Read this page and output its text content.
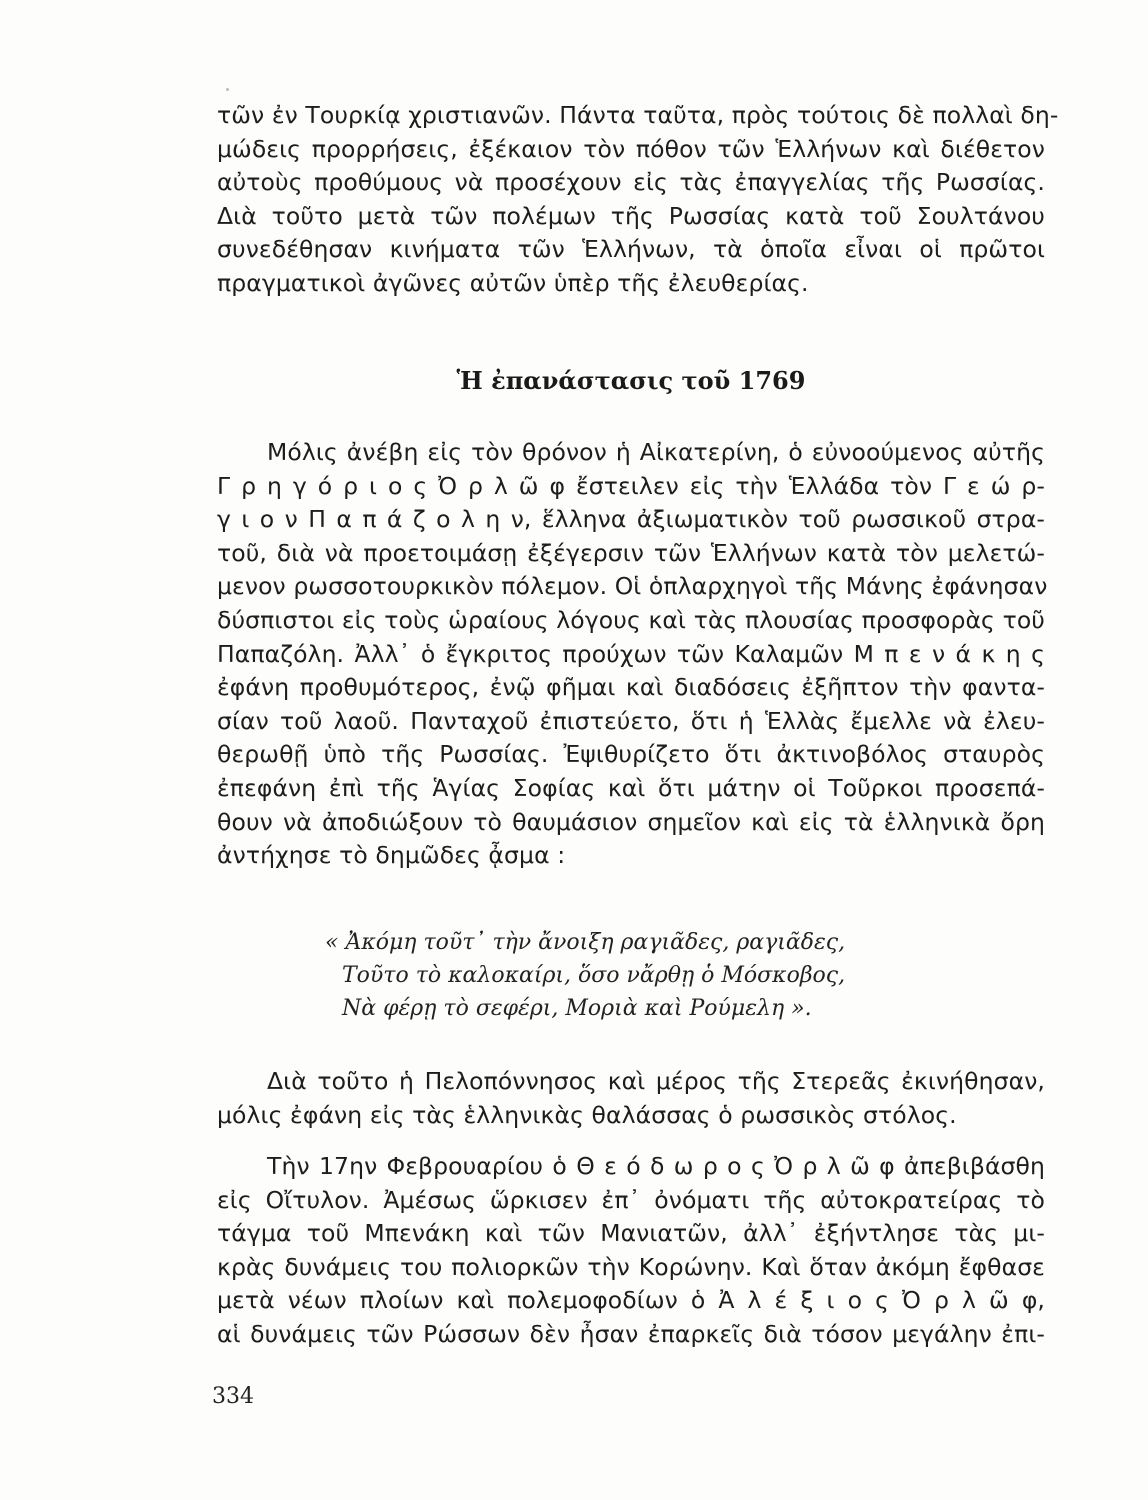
τῶν ἐν Τουρκίᾳ χριστιανῶν. Πάντα ταῦτα, πρὸς τούτοις δὲ πολλαὶ δη-
μώδεις προρρήσεις, ἐξέκαιον τὸν πόθον τῶν Ἑλλήνων καὶ διέθετον
αὐτοὺς προθύμους νὰ προσέχουν εἰς τὰς ἐπαγγελίας τῆς Ρωσσίας.
Διὰ τοῦτο μετὰ τῶν πολέμων τῆς Ρωσσίας κατὰ τοῦ Σουλτάνου
συνεδέθησαν κινήματα τῶν Ἑλλήνων, τὰ ὁποῖα εἶναι οἱ πρῶτοι
πραγματικοὶ ἀγῶνες αὐτῶν ὑπὲρ τῆς ἐλευθερίας.
Ἡ ἐπανάστασις τοῦ 1769
Μόλις ἀνέβη εἰς τὸν θρόνον ἡ Αἰκατερίνη, ὁ εὐνοούμενος αὐτῆς
Γ ρ η γ ό ρ ι ο ς Ὀ ρ λ ῶ φ ἔστειλεν εἰς τὴν Ἑλλάδα τὸν Γ ε ώ ρ-
γ ι ο ν Π α π ά ζ ο λ η ν, ἕλληνα ἀξιωματικὸν τοῦ ρωσσικοῦ στρα-
τοῦ, διὰ νὰ προετοιμάσῃ ἐξέγερσιν τῶν Ἑλλήνων κατὰ τὸν μελετώ-
μενον ρωσσοτουρκικὸν πόλεμον. Οἱ ὁπλαρχηγοὶ τῆς Μάνης ἐφάνησαν
δύσπιστοι εἰς τοὺς ὡραίους λόγους καὶ τὰς πλουσίας προσφορὰς τοῦ
Παπαζόλη. Ἀλλ᾽ ὁ ἔγκριτος προύχων τῶν Καλαμῶν Μ π ε ν ά κ η ς
ἐφάνη προθυμότερος, ἐνῷ φῆμαι καὶ διαδόσεις ἐξῆπτον τὴν φαντα-
σίαν τοῦ λαοῦ. Πανταχοῦ ἐπιστεύετο, ὅτι ἡ Ἑλλὰς ἔμελλε νὰ ἐλευ-
θερωθῇ ὑπὸ τῆς Ρωσσίας. Ἐψιθυρίζετο ὅτι ἀκτινοβόλος σταυρὸς
ἐπεφάνη ἐπὶ τῆς Ἁγίας Σοφίας καὶ ὅτι μάτην οἱ Τοῦρκοι προσεπά-
θουν νὰ ἀποδιώξουν τὸ θαυμάσιον σημεῖον καὶ εἰς τὰ ἑλληνικὰ ὄρη
ἀντήχησε τὸ δημῶδες ᾆσμα :
« Ἀκόμη τοῦτ᾽ τὴν ἄνοιξη ραγιᾶδες, ραγιᾶδες,
Τοῦτο τὸ καλοκαίρι, ὅσο νἄρθῃ ὁ Μόσκοβος,
Νὰ φέρῃ τὸ σεφέρι, Μοριὰ καὶ Ρούμελη ».
Διὰ τοῦτο ἡ Πελοπόννησος καὶ μέρος τῆς Στερεᾶς ἐκινήθησαν,
μόλις ἐφάνη εἰς τὰς ἑλληνικὰς θαλάσσας ὁ ρωσσικὸς στόλος.
Τὴν 17ην Φεβρουαρίου ὁ Θ ε ό δ ω ρ ο ς Ὀ ρ λ ῶ φ ἀπεβιβάσθη
εἰς Οἴτυλον. Ἀμέσως ὥρκισεν ἐπ᾽ ὀνόματι τῆς αὐτοκρατείρας τὸ
τάγμα τοῦ Μπενάκη καὶ τῶν Μανιατῶν, ἀλλ᾽ ἐξήντλησε τὰς μι-
κρὰς δυνάμεις του πολιορκῶν τὴν Κορώνην. Καὶ ὅταν ἀκόμη ἔφθασε
μετὰ νέων πλοίων καὶ πολεμοφοδίων ὁ Ἀ λ έ ξ ι ο ς Ὀ ρ λ ῶ φ,
αἱ δυνάμεις τῶν Ρώσσων δὲν ἦσαν ἐπαρκεῖς διὰ τόσον μεγάλην ἐπι-
334
